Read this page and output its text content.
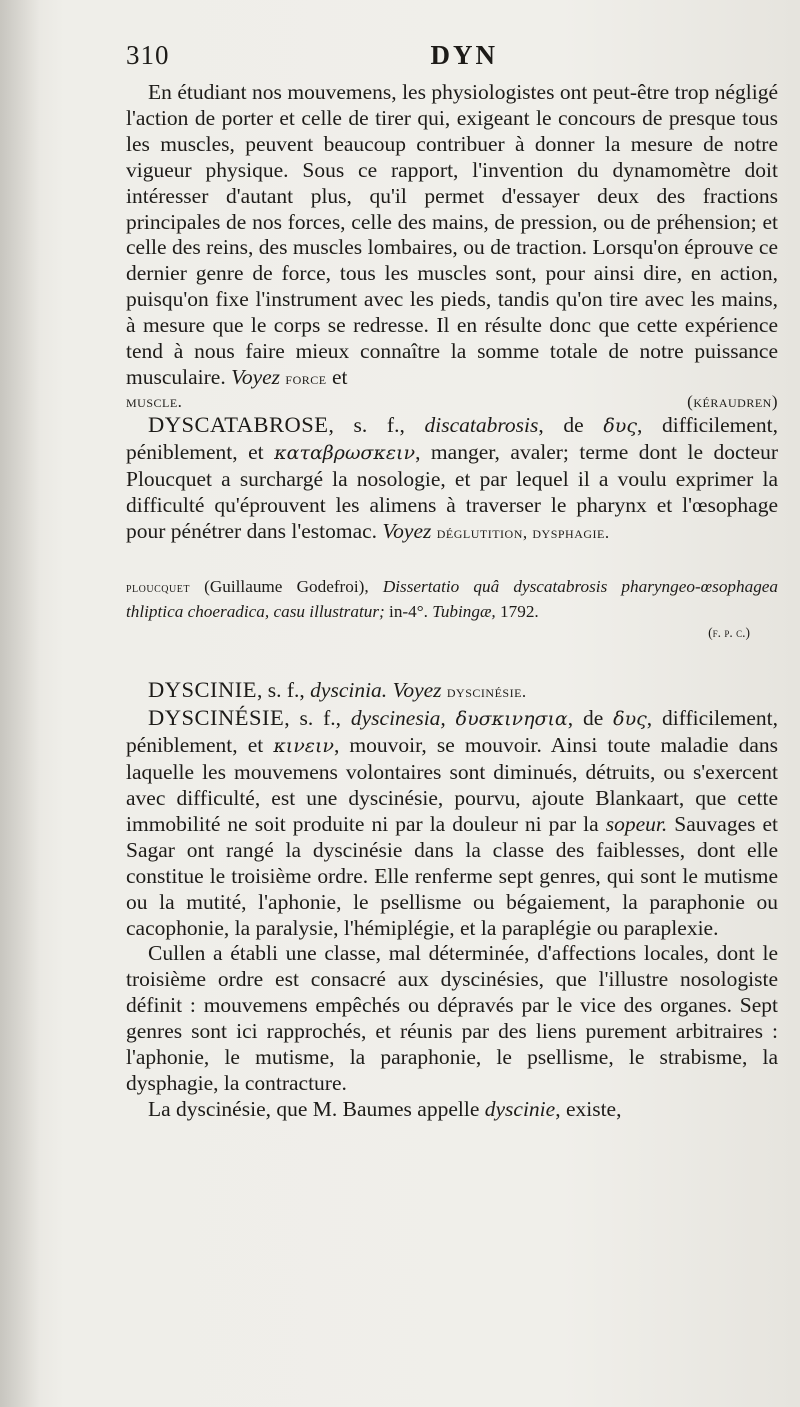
310	DYN

En étudiant nos mouvemens, les physiologistes ont peut-être trop négligé l'action de porter et celle de tirer qui, exigeant le concours de presque tous les muscles, peuvent beaucoup contribuer à donner la mesure de notre vigueur physique. Sous ce rapport, l'invention du dynamomètre doit intéresser d'autant plus, qu'il permet d'essayer deux des fractions principales de nos forces, celle des mains, de pression, ou de préhension; et celle des reins, des muscles lombaires, ou de traction. Lorsqu'on éprouve ce dernier genre de force, tous les muscles sont, pour ainsi dire, en action, puisqu'on fixe l'instrument avec les pieds, tandis qu'on tire avec les mains, à mesure que le corps se redresse. Il en résulte donc que cette expérience tend à nous faire mieux connaître la somme totale de notre puissance musculaire. Voyez force et

muscle.	(kéraudren)

DYSCATABROSE, s. f., discatabrosis, de δυς, difficilement, péniblement, et καταβρωσκειν, manger, avaler; terme dont le docteur Ploucquet a surchargé la nosologie, et par lequel il a voulu exprimer la difficulté qu'éprouvent les alimens à traverser le pharynx et l'œsophage pour pénétrer dans l'estomac. Voyez déglutition, dysphagie.

ploucquet (Guillaume Godefroi), Dissertatio quâ dyscatabrosis pharyngeo-œsophagea thliptica choeradica, casu illustratur; in-4°. Tubingæ, 1792.

(f. p. c.)

DYSCINIE, s. f., dyscinia. Voyez dyscinésie.

DYSCINÉSIE, s. f., dyscinesia, δυσκινησια, de δυς, difficilement, péniblement, et κινειν, mouvoir, se mouvoir. Ainsi toute maladie dans laquelle les mouvemens volontaires sont diminués, détruits, ou s'exercent avec difficulté, est une dyscinésie, pourvu, ajoute Blankaart, que cette immobilité ne soit produite ni par la douleur ni par la sopeur. Sauvages et Sagar ont rangé la dyscinésie dans la classe des faiblesses, dont elle constitue le troisième ordre. Elle renferme sept genres, qui sont le mutisme ou la mutité, l'aphonie, le psellisme ou bégaiement, la paraphonie ou cacophonie, la paralysie, l'hémiplégie, et la paraplégie ou paraplexie.

Cullen a établi une classe, mal déterminée, d'affections locales, dont le troisième ordre est consacré aux dyscinésies, que l'illustre nosologiste définit : mouvemens empêchés ou dépravés par le vice des organes. Sept genres sont ici rapprochés, et réunis par des liens purement arbitraires : l'aphonie, le mutisme, la paraphonie, le psellisme, le strabisme, la dysphagie, la contracture.

La dyscinésie, que M. Baumes appelle dyscinie, existe,
